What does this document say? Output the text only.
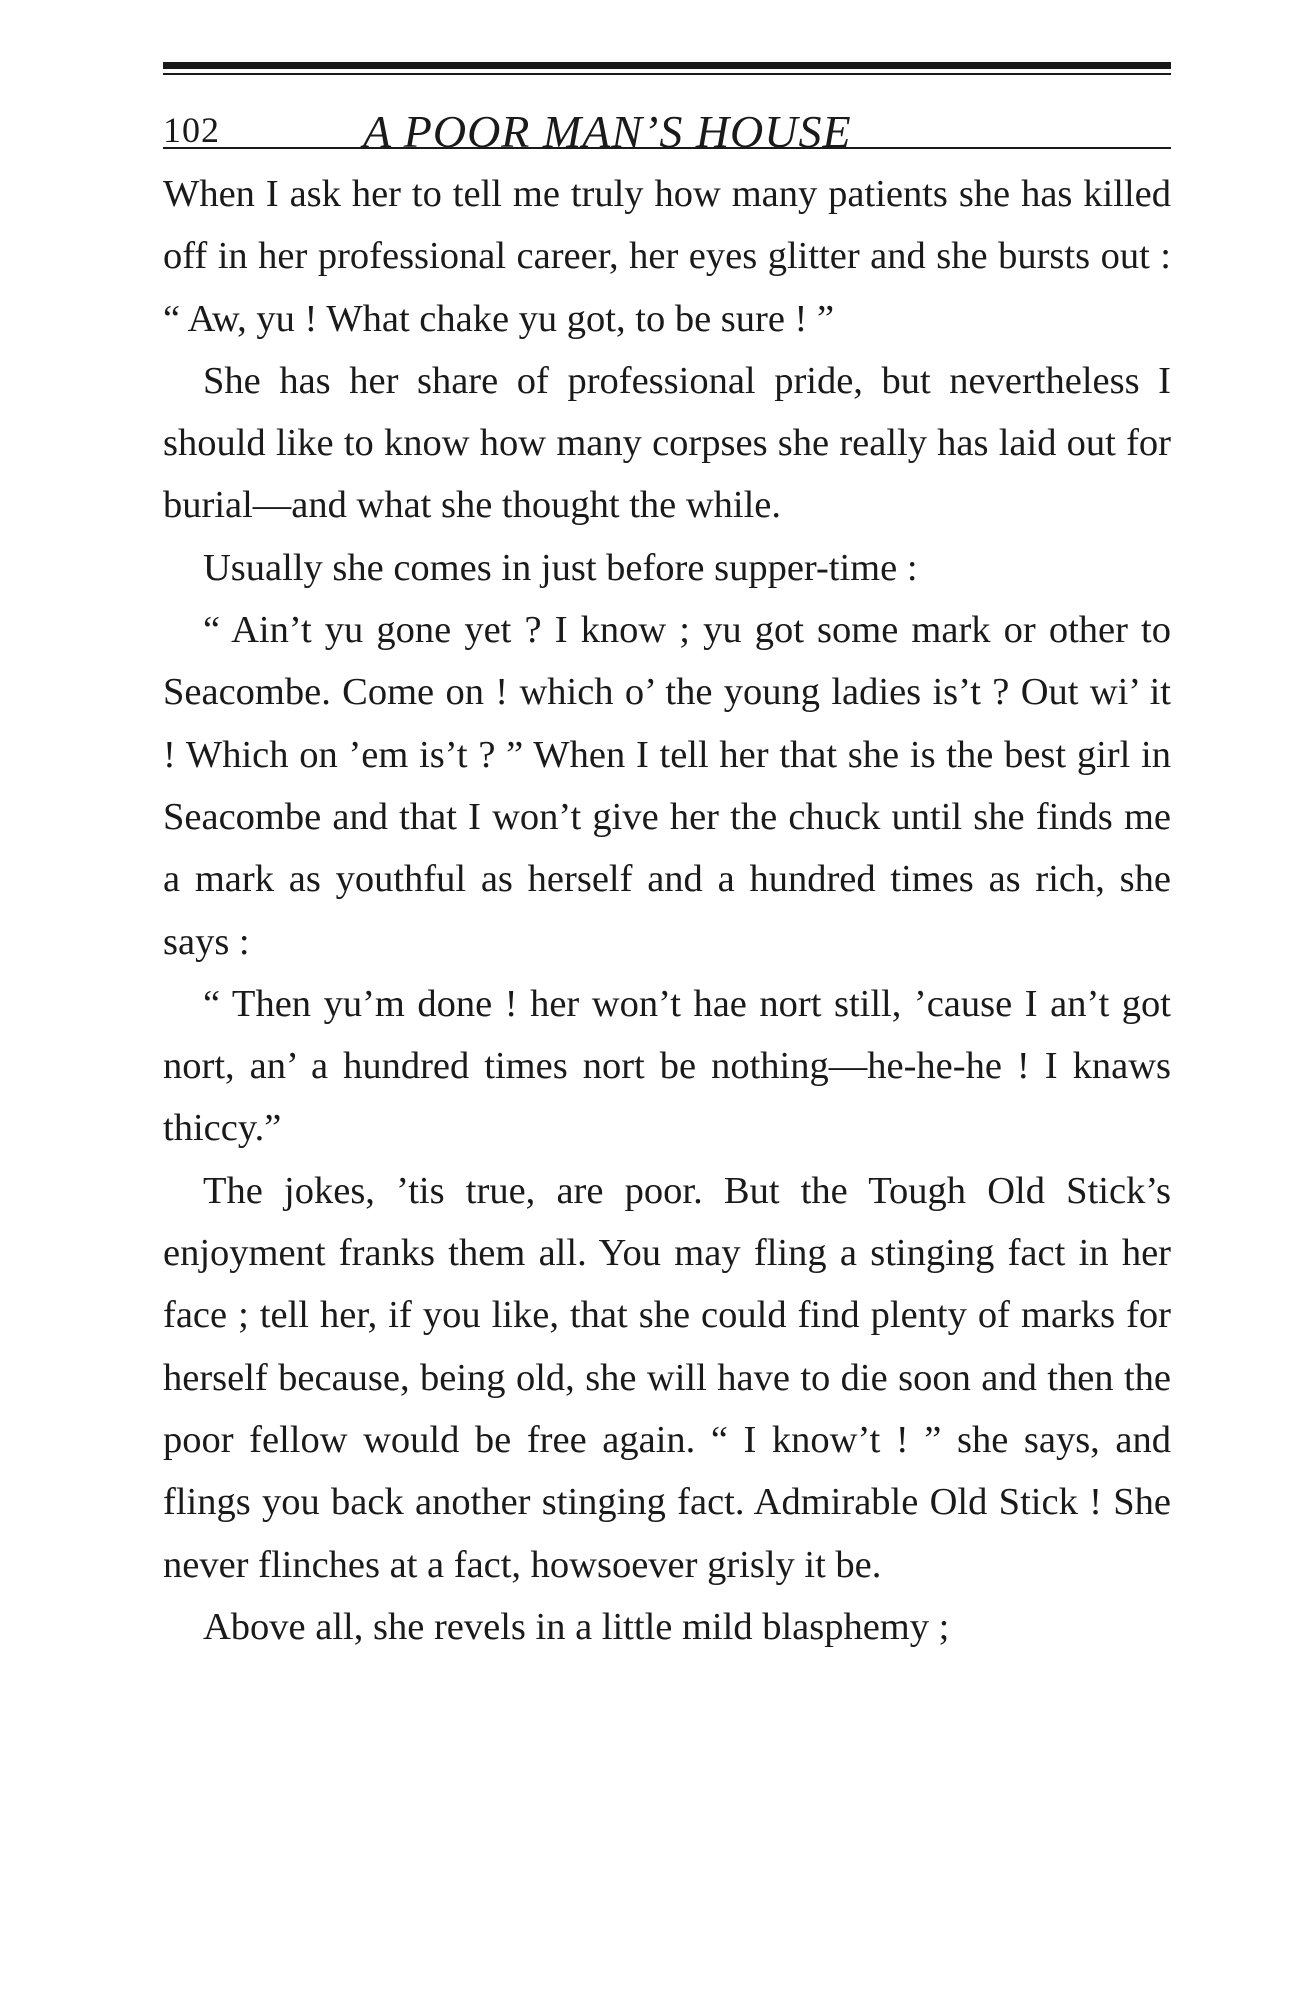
102	A POOR MAN’S HOUSE

When I ask her to tell me truly how many patients she has killed off in her professional career, her eyes glitter and she bursts out : “ Aw, yu ! What chake yu got, to be sure ! ”

She has her share of professional pride, but nevertheless I should like to know how many corpses she really has laid out for burial—and what she thought the while.

Usually she comes in just before supper-time :

“ Ain’t yu gone yet ? I know ; yu got some mark or other to Seacombe. Come on ! which o’ the young ladies is’t ? Out wi’ it ! Which on ’em is’t ? ” When I tell her that she is the best girl in Seacombe and that I won’t give her the chuck until she finds me a mark as youthful as herself and a hundred times as rich, she says :

“ Then yu’m done ! her won’t hae nort still, ’cause I an’t got nort, an’ a hundred times nort be nothing—he-he-he ! I knaws thiccy.”

The jokes, ’tis true, are poor. But the Tough Old Stick’s enjoyment franks them all. You may fling a stinging fact in her face ; tell her, if you like, that she could find plenty of marks for herself because, being old, she will have to die soon and then the poor fellow would be free again. “ I know’t ! ” she says, and flings you back another stinging fact. Admirable Old Stick ! She never flinches at a fact, howsoever grisly it be.

Above all, she revels in a little mild blasphemy ;
